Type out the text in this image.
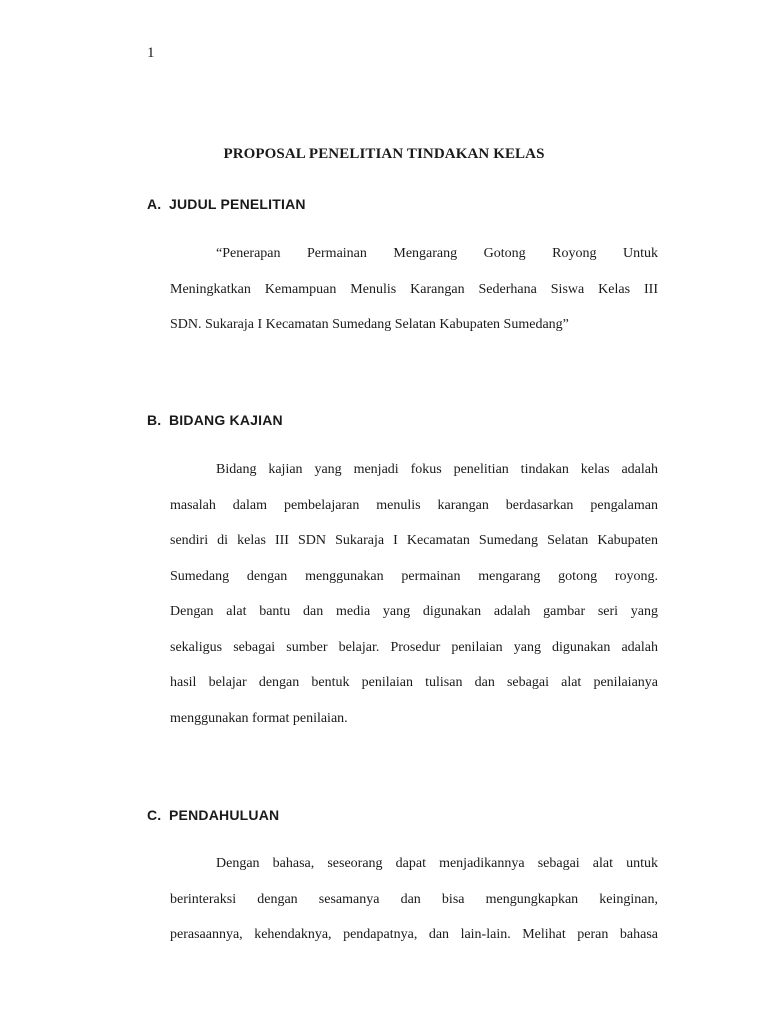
1
PROPOSAL PENELITIAN TINDAKAN KELAS
A. JUDUL PENELITIAN
“Penerapan Permainan Mengarang Gotong Royong Untuk
Meningkatkan Kemampuan Menulis Karangan Sederhana Siswa Kelas III
SDN. Sukaraja I Kecamatan Sumedang Selatan Kabupaten Sumedang”
B. BIDANG KAJIAN
Bidang kajian yang menjadi fokus penelitian tindakan kelas adalah
masalah dalam pembelajaran menulis karangan berdasarkan pengalaman
sendiri di kelas III SDN Sukaraja I Kecamatan Sumedang Selatan Kabupaten
Sumedang dengan menggunakan permainan mengarang gotong royong.
Dengan alat bantu dan media yang digunakan adalah gambar seri yang
sekaligus sebagai sumber belajar. Prosedur penilaian yang digunakan adalah
hasil belajar dengan bentuk penilaian tulisan dan sebagai alat penilaianya
menggunakan format penilaian.
C. PENDAHULUAN
Dengan bahasa, seseorang dapat menjadikannya sebagai alat untuk
berinteraksi dengan sesamanya dan bisa mengungkapkan keinginan,
perasaannya, kehendaknya, pendapatnya, dan lain-lain. Melihat peran bahasa
